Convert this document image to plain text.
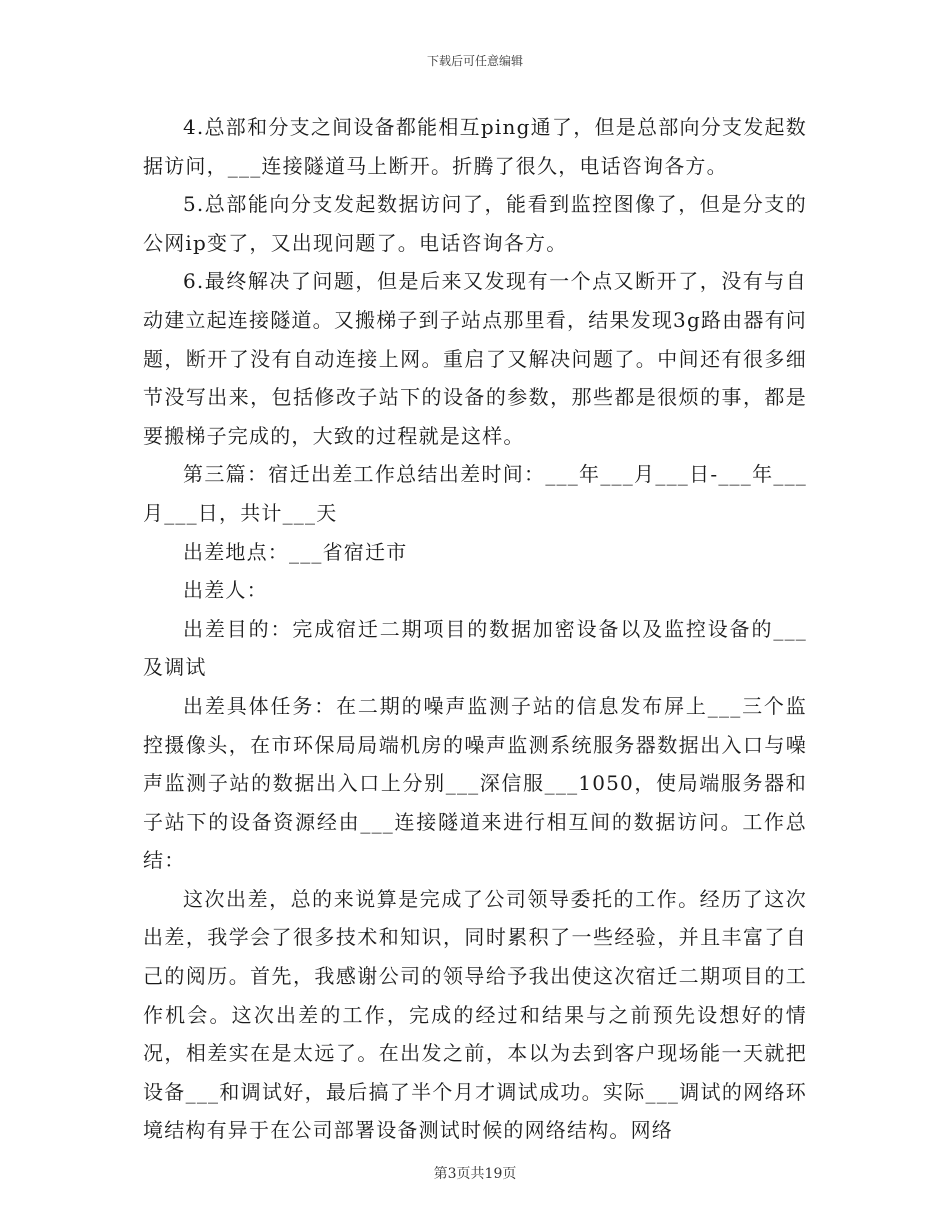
下载后可任意编辑

4.总部和分支之间设备都能相互ping通了，但是总部向分支发起数据访问，___连接隧道马上断开。折腾了很久，电话咨询各方。

5.总部能向分支发起数据访问了，能看到监控图像了，但是分支的公网ip变了，又出现问题了。电话咨询各方。

6.最终解决了问题，但是后来又发现有一个点又断开了，没有与自动建立起连接隧道。又搬梯子到子站点那里看，结果发现3g路由器有问题，断开了没有自动连接上网。重启了又解决问题了。中间还有很多细节没写出来，包括修改子站下的设备的参数，那些都是很烦的事，都是要搬梯子完成的，大致的过程就是这样。

第三篇：宿迁出差工作总结出差时间：___年___月___日-___年___月___日，共计___天

出差地点：___省宿迁市

出差人：

出差目的：完成宿迁二期项目的数据加密设备以及监控设备的___及调试

出差具体任务：在二期的噪声监测子站的信息发布屏上___三个监控摄像头，在市环保局局端机房的噪声监测系统服务器数据出入口与噪声监测子站的数据出入口上分别___深信服___1050，使局端服务器和子站下的设备资源经由___连接隧道来进行相互间的数据访问。工作总结：

这次出差，总的来说算是完成了公司领导委托的工作。经历了这次出差，我学会了很多技术和知识，同时累积了一些经验，并且丰富了自己的阅历。首先，我感谢公司的领导给予我出使这次宿迁二期项目的工作机会。这次出差的工作，完成的经过和结果与之前预先设想好的情况，相差实在是太远了。在出发之前，本以为去到客户现场能一天就把设备___和调试好，最后搞了半个月才调试成功。实际___调试的网络环境结构有异于在公司部署设备测试时候的网络结构。网络

第3页共19页
